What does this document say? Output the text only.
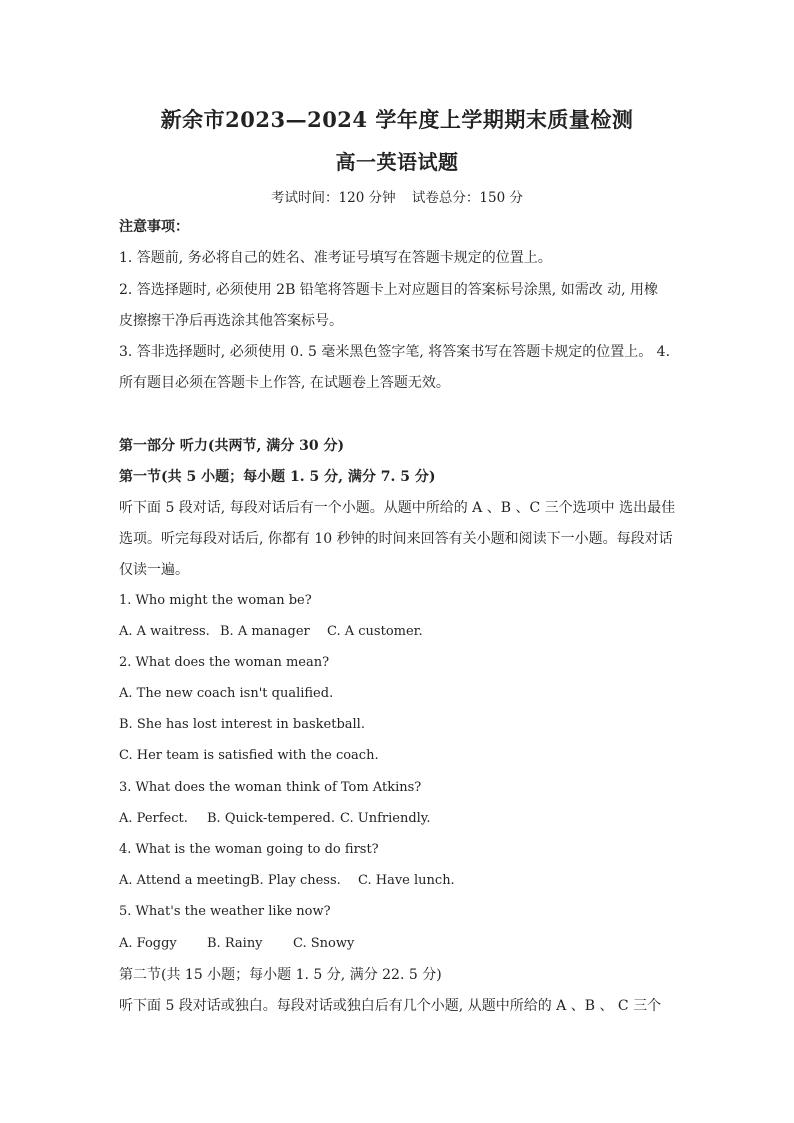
新余市2023—2024 学年度上学期期末质量检测
高一英语试题
考试时间：120 分钟 试卷总分：150 分
注意事项：
1. 答题前, 务必将自己的姓名、准考证号填写在答题卡规定的位置上。
2. 答选择题时, 必须使用 2B 铅笔将答题卡上对应题目的答案标号涂黑, 如需改 动, 用橡
皮擦擦干净后再选涂其他答案标号。
3. 答非选择题时, 必须使用 0. 5 毫米黑色签字笔, 将答案书写在答题卡规定的位置上。 4.
所有题目必须在答题卡上作答, 在试题卷上答题无效。
第一部分 听力(共两节, 满分 30 分)
第一节(共 5 小题；每小题 1. 5 分, 满分 7. 5 分)
听下面 5 段对话, 每段对话后有一个小题。从题中所给的 A 、B 、C 三个选项中 选出最佳
选项。听完每段对话后, 你都有 10 秒钟的时间来回答有关小题和阅读下一小题。每段对话
仅读一遍。
1. Who might the woman be?
A. A waitress. B. A manager C. A customer.
2. What does the woman mean?
A. The new coach isn't qualified.
B. She has lost interest in basketball.
C. Her team is satisfied with the coach.
3. What does the woman think of Tom Atkins?
A. Perfect. B. Quick-tempered. C. Unfriendly.
4. What is the woman going to do first?
A. Attend a meeting.B. Play chess. C. Have lunch.
5. What's the weather like now?
A. Foggy B. Rainy C. Snowy
第二节(共 15 小题；每小题 1. 5 分, 满分 22. 5 分)
听下面 5 段对话或独白。每段对话或独白后有几个小题, 从题中所给的 A 、B 、 C 三个
